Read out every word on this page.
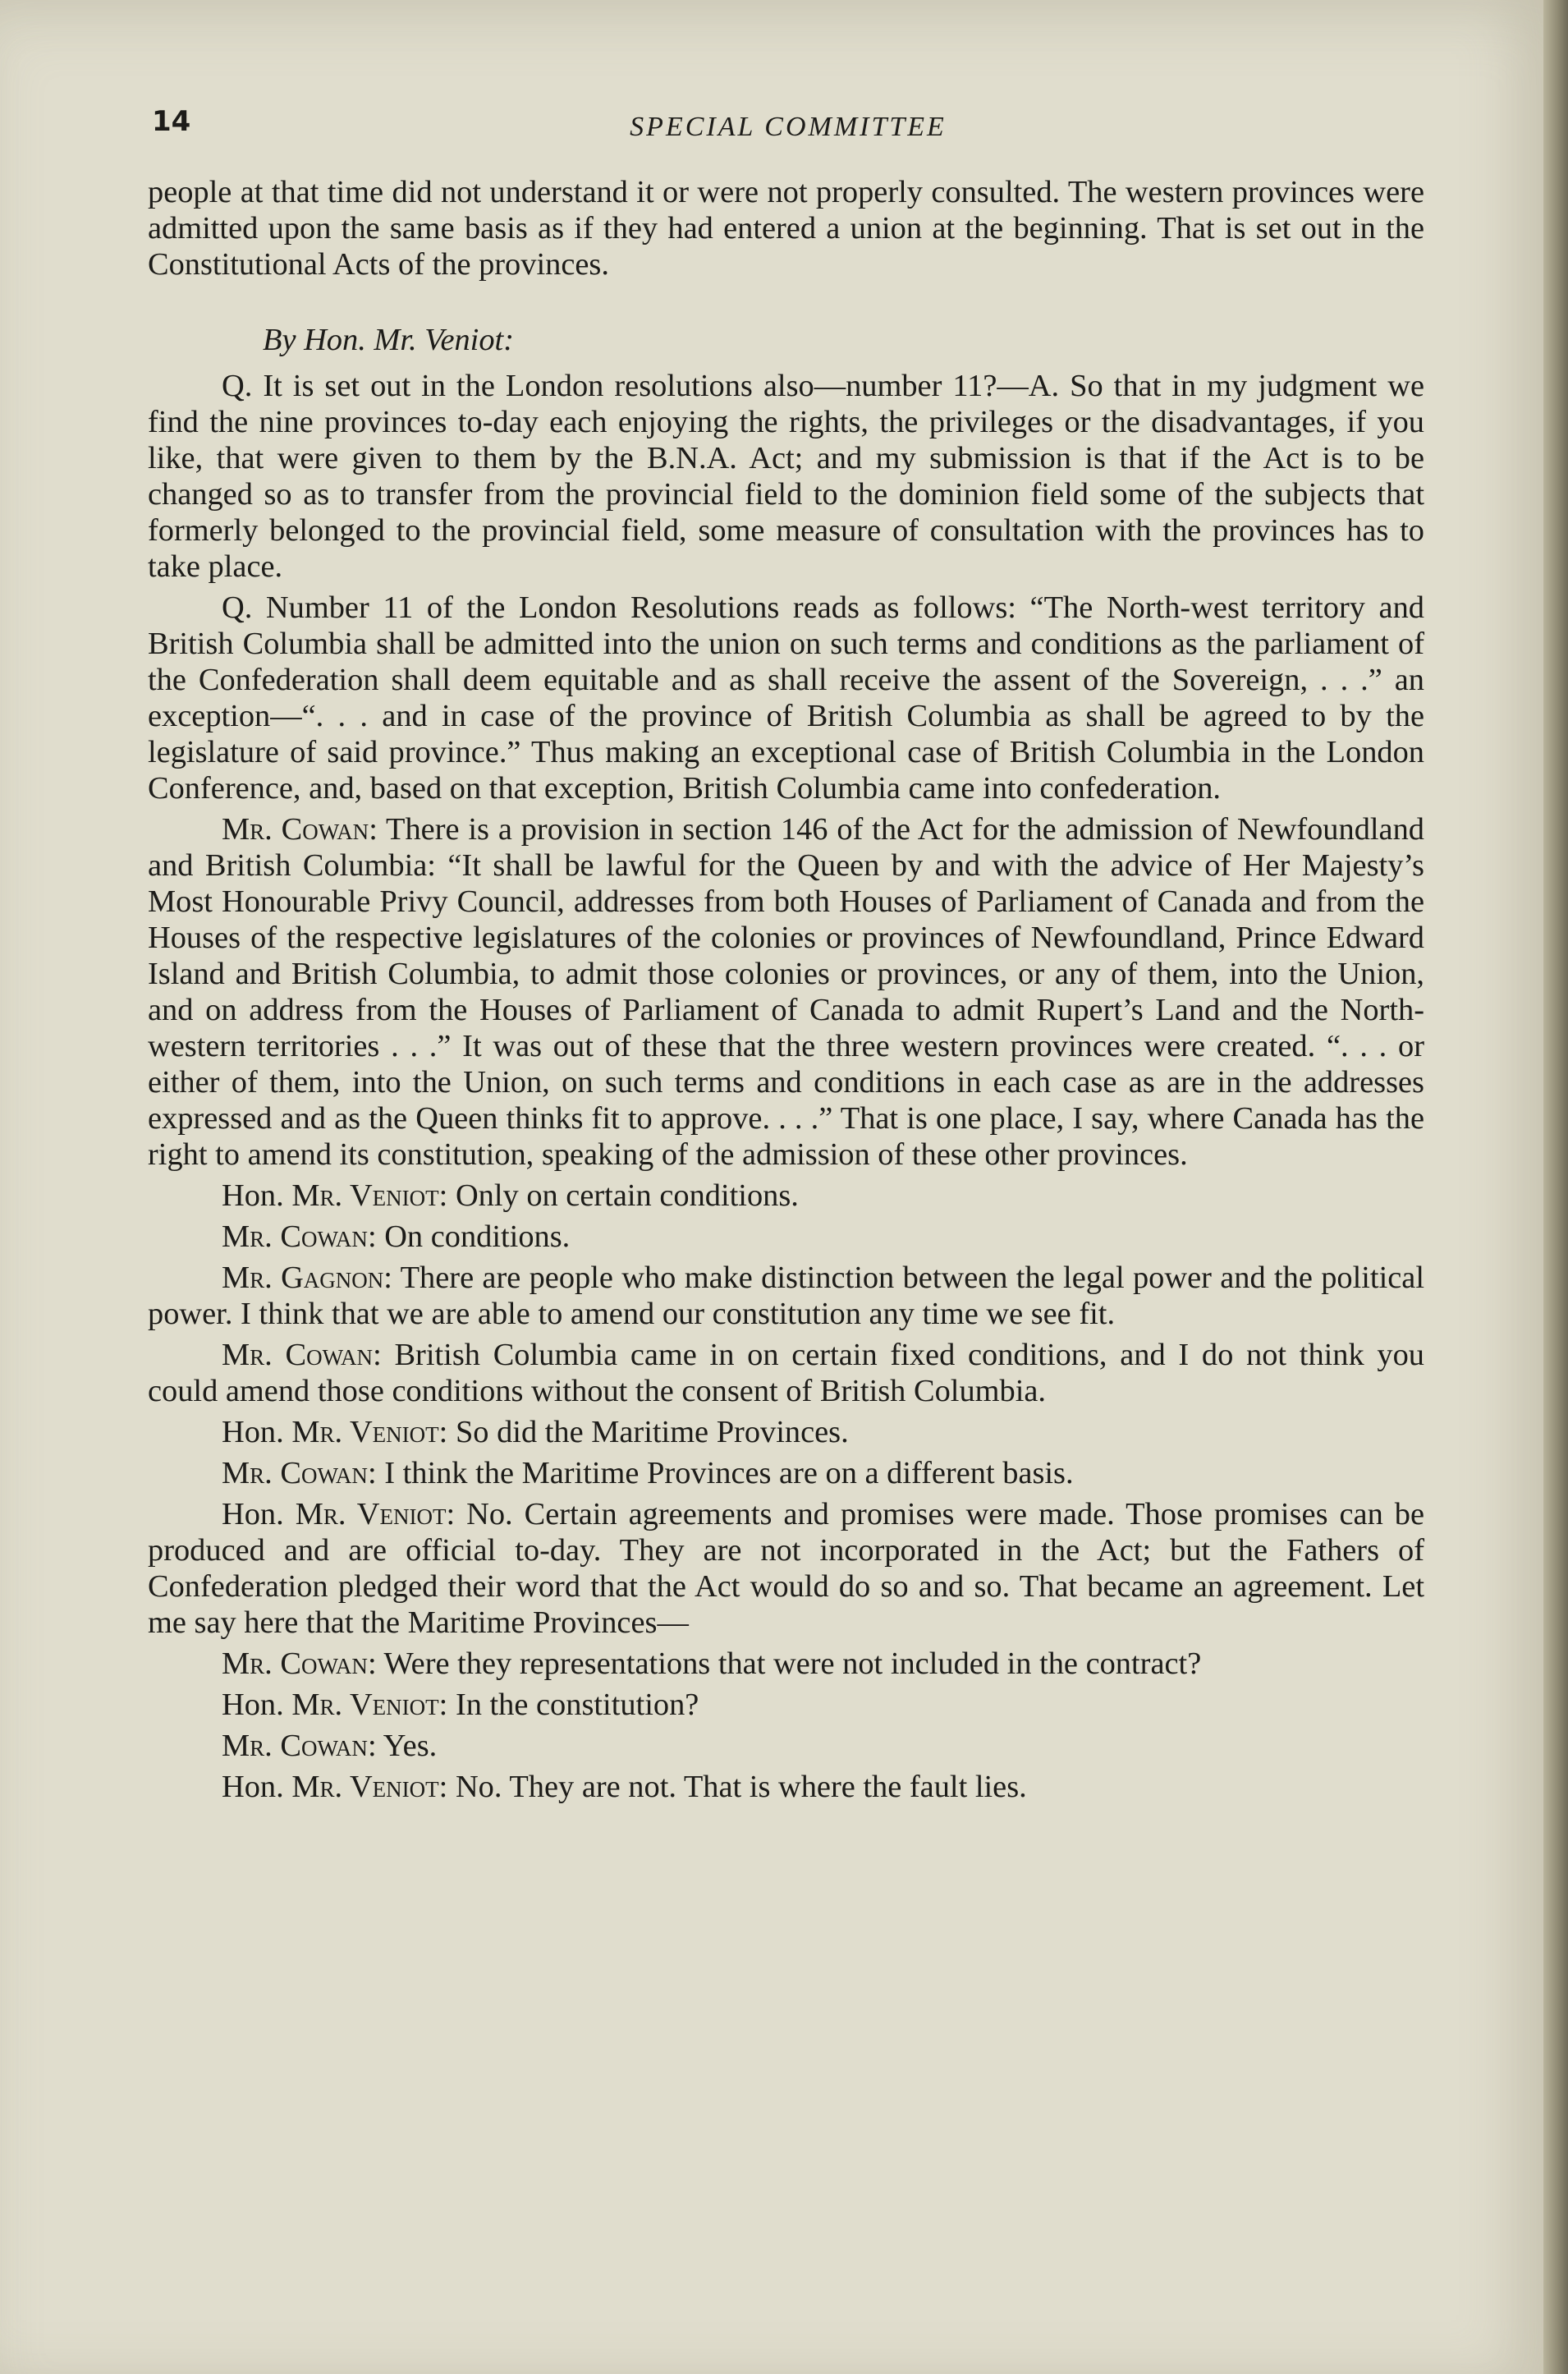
14	SPECIAL COMMITTEE

people at that time did not understand it or were not properly consulted. The western provinces were admitted upon the same basis as if they had entered a union at the beginning. That is set out in the Constitutional Acts of the provinces.

By Hon. Mr. Veniot:

Q. It is set out in the London resolutions also—number 11?—A. So that in my judgment we find the nine provinces to-day each enjoying the rights, the privileges or the disadvantages, if you like, that were given to them by the B.N.A. Act; and my submission is that if the Act is to be changed so as to transfer from the provincial field to the dominion field some of the subjects that formerly belonged to the provincial field, some measure of consultation with the provinces has to take place.

Q. Number 11 of the London Resolutions reads as follows: “The North-west territory and British Columbia shall be admitted into the union on such terms and conditions as the parliament of the Confederation shall deem equitable and as shall receive the assent of the Sovereign, . . .” an exception—“. . . and in case of the province of British Columbia as shall be agreed to by the legislature of said province.” Thus making an exceptional case of British Columbia in the London Conference, and, based on that exception, British Columbia came into confederation.

Mr. Cowan: There is a provision in section 146 of the Act for the admission of Newfoundland and British Columbia: “It shall be lawful for the Queen by and with the advice of Her Majesty’s Most Honourable Privy Council, addresses from both Houses of Parliament of Canada and from the Houses of the respective legislatures of the colonies or provinces of Newfoundland, Prince Edward Island and British Columbia, to admit those colonies or provinces, or any of them, into the Union, and on address from the Houses of Parliament of Canada to admit Rupert’s Land and the North-western territories . . .” It was out of these that the three western provinces were created. “. . . or either of them, into the Union, on such terms and conditions in each case as are in the addresses expressed and as the Queen thinks fit to approve. . . .” That is one place, I say, where Canada has the right to amend its constitution, speaking of the admission of these other provinces.

Hon. Mr. Veniot: Only on certain conditions.

Mr. Cowan: On conditions.

Mr. Gagnon: There are people who make distinction between the legal power and the political power. I think that we are able to amend our constitution any time we see fit.

Mr. Cowan: British Columbia came in on certain fixed conditions, and I do not think you could amend those conditions without the consent of British Columbia.

Hon. Mr. Veniot: So did the Maritime Provinces.

Mr. Cowan: I think the Maritime Provinces are on a different basis.

Hon. Mr. Veniot: No. Certain agreements and promises were made. Those promises can be produced and are official to-day. They are not incorporated in the Act; but the Fathers of Confederation pledged their word that the Act would do so and so. That became an agreement. Let me say here that the Maritime Provinces—

Mr. Cowan: Were they representations that were not included in the contract?

Hon. Mr. Veniot: In the constitution?

Mr. Cowan: Yes.

Hon. Mr. Veniot: No. They are not. That is where the fault lies.
